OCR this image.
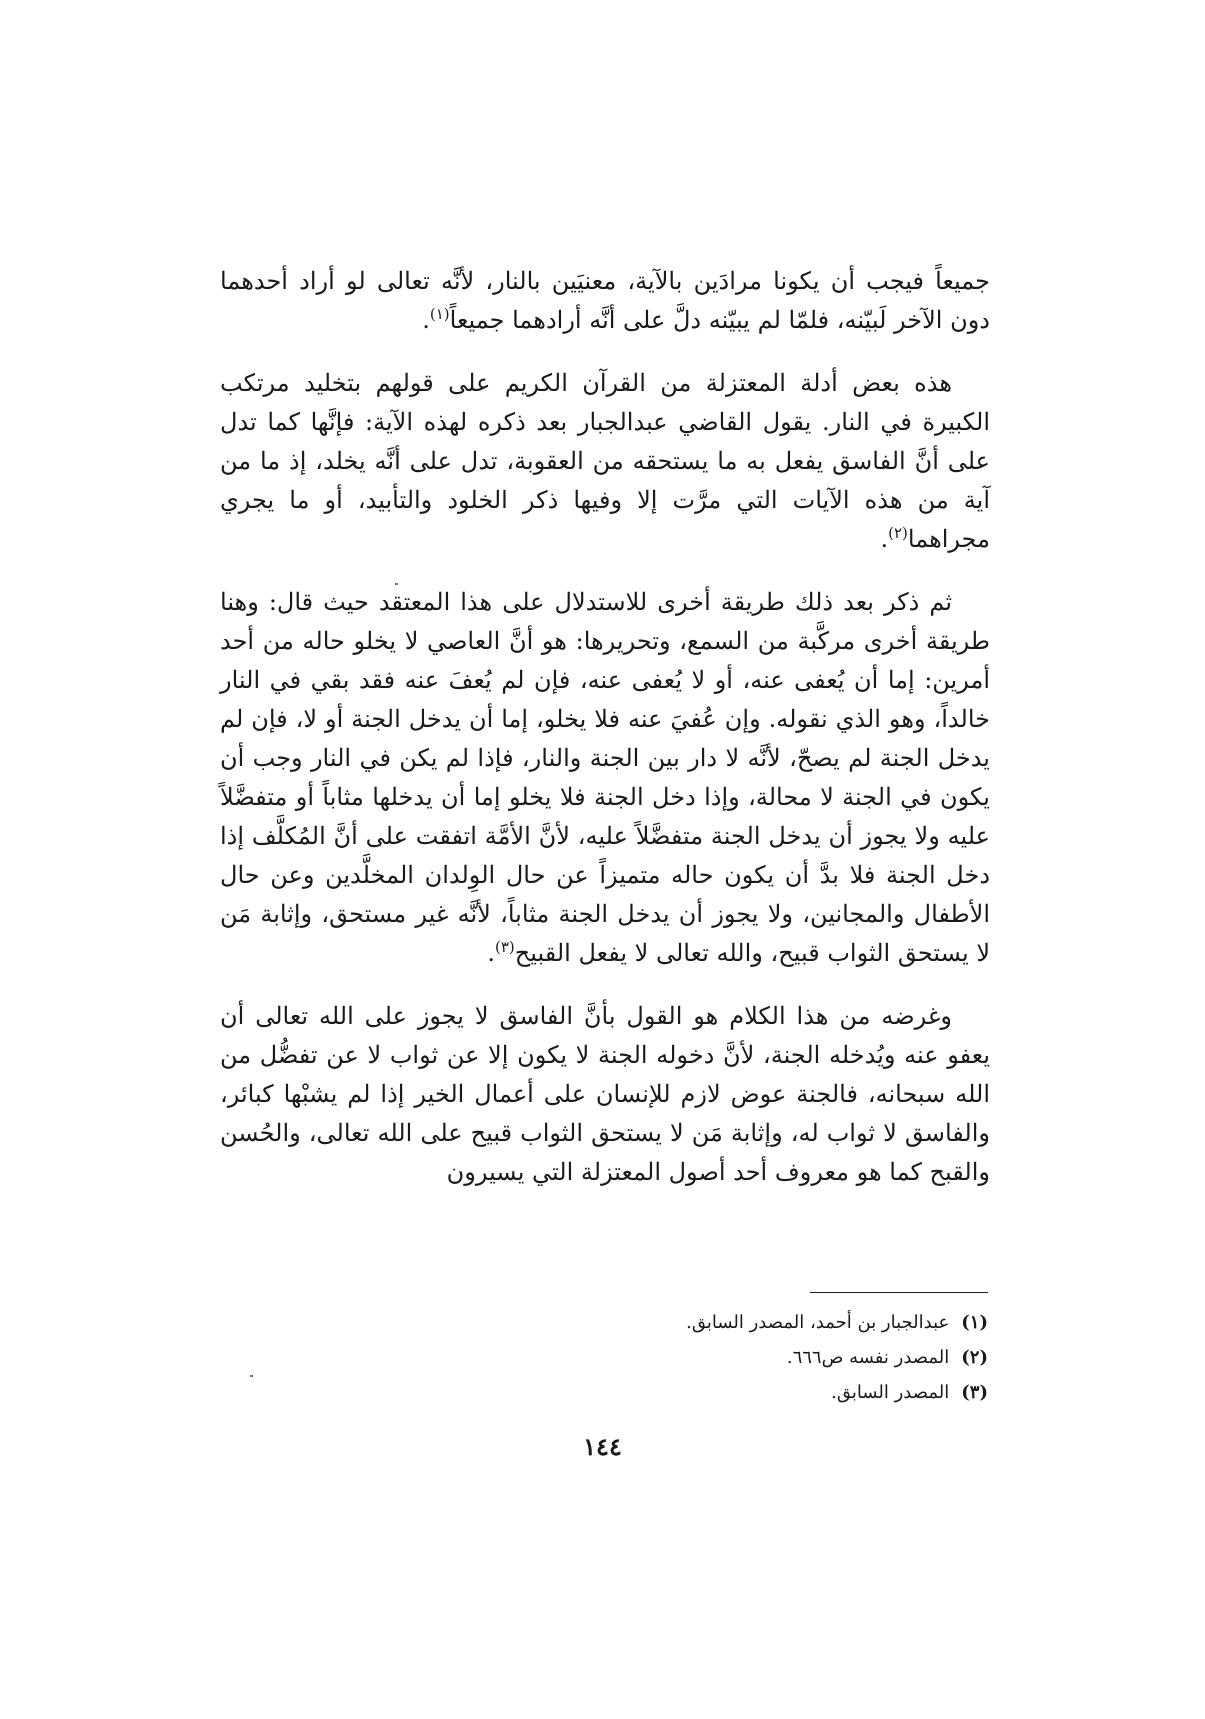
جميعاً فيجب أن يكونا مرادَين بالآية، معنيَين بالنار، لأنَّه تعالى لو أراد أحدهما دون الآخر لَبيّنه، فلمّا لم يبيّنه دلَّ على أنَّه أرادهما جميعاً$^{(١)}$.

هذه بعض أدلة المعتزلة من القرآن الكريم على قولهم بتخليد مرتكب الكبيرة في النار. يقول القاضي عبدالجبار بعد ذكره لهذه الآية: فإنَّها كما تدل على أنَّ الفاسق يفعل به ما يستحقه من العقوبة، تدل على أنَّه يخلد، إذ ما من آية من هذه الآيات التي مرَّت إلا وفيها ذكر الخلود والتأبيد، أو ما يجري مجراهما$^{(٢)}$.

ثم ذكر بعد ذلك طريقة أخرى للاستدلال على هذا المعتقد حيث قال: وهنا طريقة أخرى مركَّبة من السمع، وتحريرها: هو أنَّ العاصي لا يخلو حاله من أحد أمرين: إما أن يُعفى عنه، أو لا يُعفى عنه، فإن لم يُعفَ عنه فقد بقي في النار خالداً، وهو الذي نقوله. وإن عُفيَ عنه فلا يخلو، إما أن يدخل الجنة أو لا، فإن لم يدخل الجنة لم يصحّ، لأنَّه لا دار بين الجنة والنار، فإذا لم يكن في النار وجب أن يكون في الجنة لا محالة، وإذا دخل الجنة فلا يخلو إما أن يدخلها مثاباً أو متفضَّلاً عليه ولا يجوز أن يدخل الجنة متفضَّلاً عليه، لأنَّ الأمَّة اتفقت على أنَّ المُكلَّف إذا دخل الجنة فلا بدَّ أن يكون حاله متميزاً عن حال الوِلدان المخلَّدين وعن حال الأطفال والمجانين، ولا يجوز أن يدخل الجنة مثاباً، لأنَّه غير مستحق، وإثابة مَن لا يستحق الثواب قبيح، والله تعالى لا يفعل القبيح$^{(٣)}$.

وغرضه من هذا الكلام هو القول بأنَّ الفاسق لا يجوز على الله تعالى أن يعفو عنه ويُدخله الجنة، لأنَّ دخوله الجنة لا يكون إلا عن ثواب لا عن تفضُّل من الله سبحانه، فالجنة عوض لازم للإنسان على أعمال الخير إذا لم يشبْها كبائر، والفاسق لا ثواب له، وإثابة مَن لا يستحق الثواب قبيح على الله تعالى، والحُسن والقبح كما هو معروف أحد أصول المعتزلة التي يسيرون

(١)عبدالجبار بن أحمد، المصدر السابق.

(٢)المصدر نفسه ص٦٦٦.

(٣)المصدر السابق.

١٤٤
